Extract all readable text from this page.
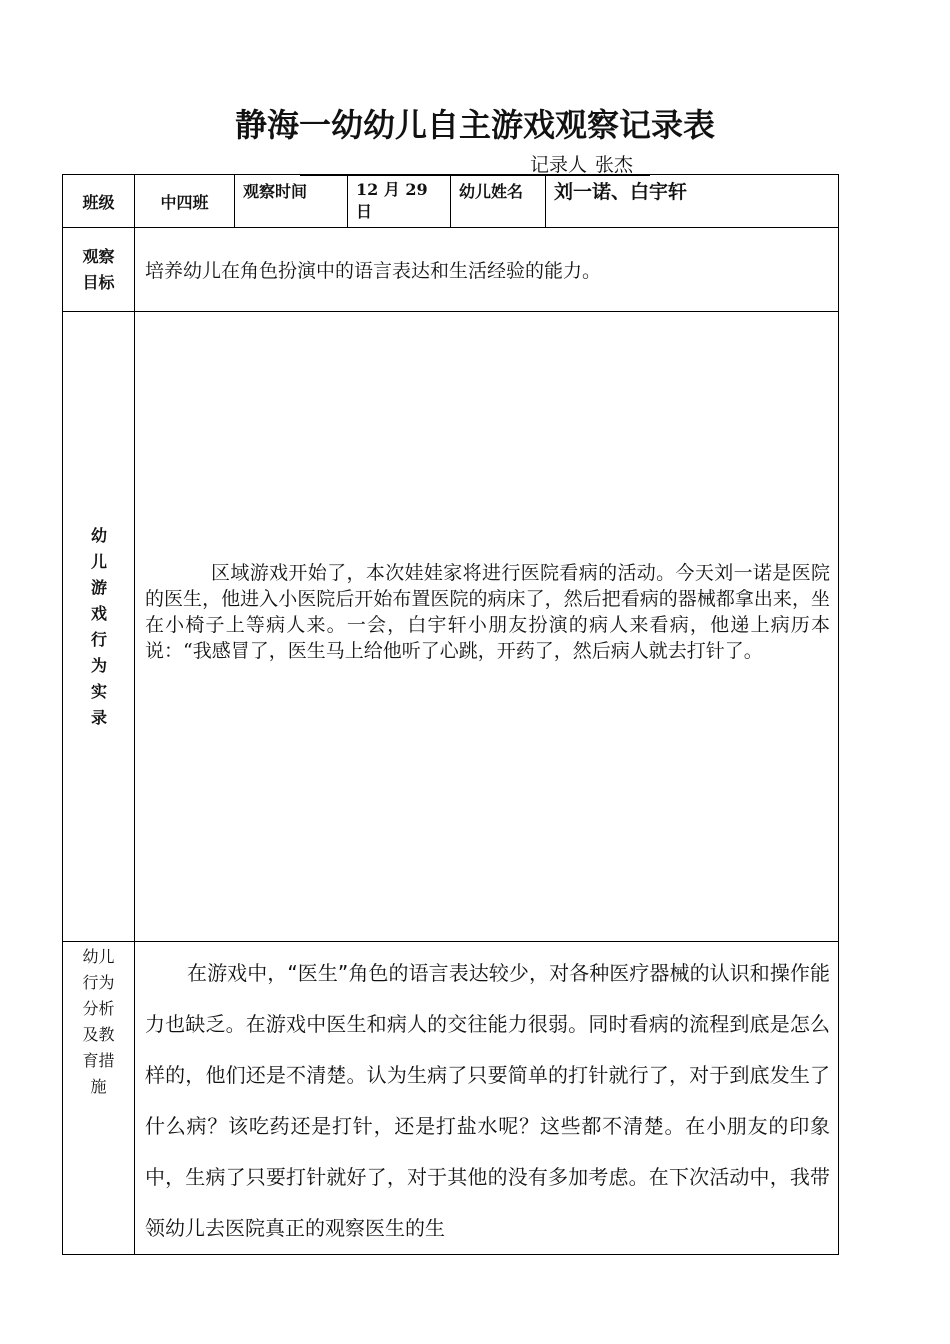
静海一幼幼儿自主游戏观察记录表
记录人 张杰
班级	中四班	观察时间	12 月 29 日	幼儿姓名	刘一诺、白宇轩
观察目标	培养幼儿在角色扮演中的语言表达和生活经验的能力。				
幼儿游戏行为实录	区域游戏开始了，本次娃娃家将进行医院看病的活动。今天刘一诺是医院的医生，他进入小医院后开始布置医院的病床了，然后把看病的器械都拿出来，坐在小椅子上等病人来。一会，白宇轩小朋友扮演的病人来看病，他递上病历本说：“我感冒了，医生马上给他听了心跳，开药了，然后病人就去打针了。				

幼儿行为分析及教育措施	在游戏中，“医生”角色的语言表达较少，对各种医疗器械的认识和操作能力也缺乏。在游戏中医生和病人的交往能力很弱。同时看病的流程到底是怎么样的，他们还是不清楚。认为生病了只要简单的打针就行了，对于到底发生了什么病？该吃药还是打针，还是打盐水呢？这些都不清楚。在小朋友的印象中，生病了只要打针就好了，对于其他的没有多加考虑。在下次活动中，我带领幼儿去医院真正的观察医生的生				
